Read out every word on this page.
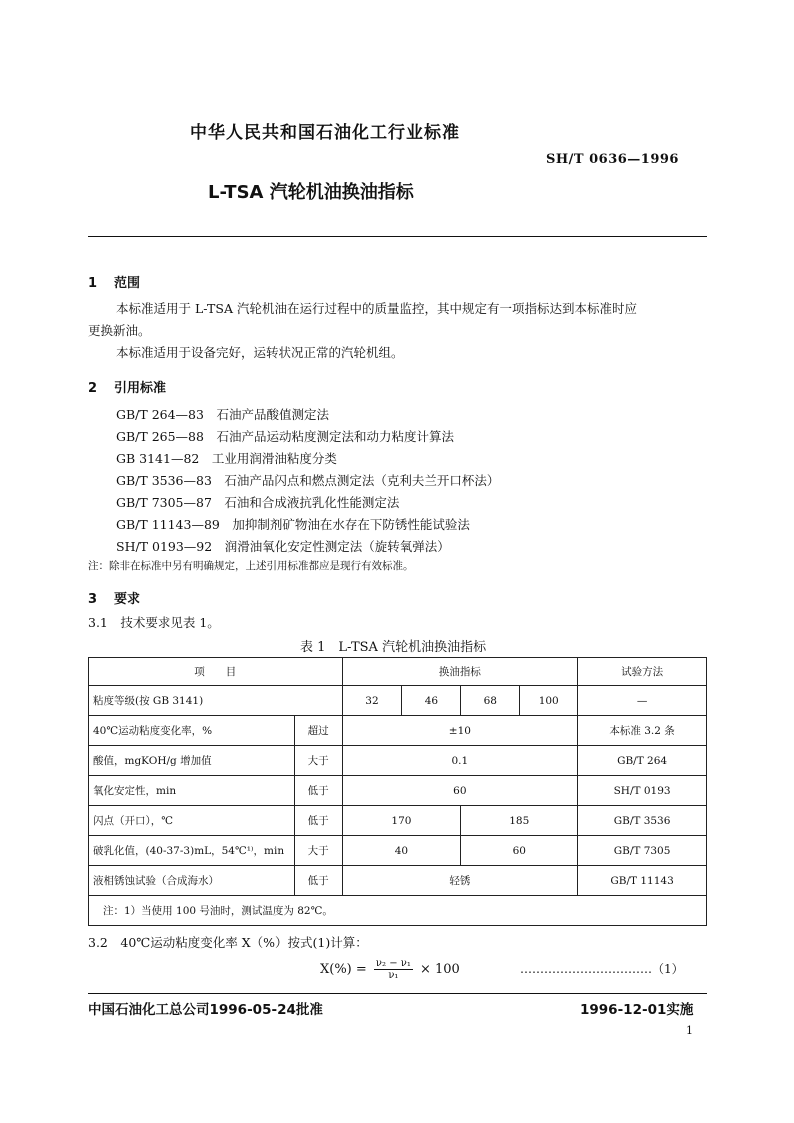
中华人民共和国石油化工行业标准
SH/T 0636—1996
L-TSA 汽轮机油换油指标
1 范围
本标准适用于 L-TSA 汽轮机油在运行过程中的质量监控，其中规定有一项指标达到本标准时应
更换新油。
本标准适用于设备完好，运转状况正常的汽轮机组。
2 引用标准
GB/T 264—83　石油产品酸值测定法
GB/T 265—88　石油产品运动粘度测定法和动力粘度计算法
GB 3141—82　工业用润滑油粘度分类
GB/T 3536—83　石油产品闪点和燃点测定法（克利夫兰开口杯法）
GB/T 7305—87　石油和合成液抗乳化性能测定法
GB/T 11143—89　加抑制剂矿物油在水存在下防锈性能试验法
SH/T 0193—92　润滑油氧化安定性测定法（旋转氧弹法）
注：除非在标准中另有明确规定，上述引用标准都应是现行有效标准。
3 要求
3.1　技术要求见表 1。
表 1　L-TSA 汽轮机油换油指标
项　　目		换油指标				试验方法
粘度等级(按 GB 3141)		32	46	68	100	—
40℃运动粘度变化率，%	超过	±10				本标准 3.2 条
酸值，mgKOH/g 增加值	大于	0.1				GB/T 264
氧化安定性，min	低于	60				SH/T 0193
闪点（开口），℃	低于	170		185		GB/T 3536
破乳化值，(40-37-3)mL，54℃¹⁾，min	大于	40		60		GB/T 7305
液相锈蚀试验（合成海水）	低于	轻锈				GB/T 11143
注：1）当使用 100 号油时，测试温度为 82℃。						
3.2　40℃运动粘度变化率 X（%）按式(1)计算：
$X(\%) = \frac{\text{ν₂ − ν₁}}{\text{ν₁}} \times 100$	……………………………（1）
中国石油化工总公司1996-05-24批准	1996-12-01实施
1
